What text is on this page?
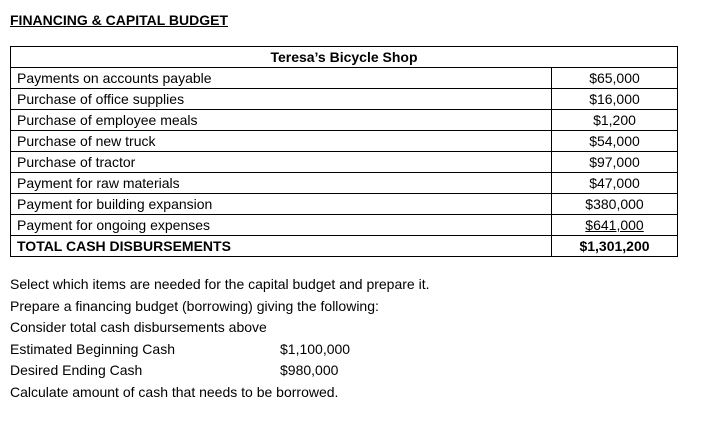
FINANCING & CAPITAL BUDGET
Teresa’s Bicycle Shop	
Payments on accounts payable	$65,000
Purchase of office supplies	$16,000
Purchase of employee meals	$1,200
Purchase of new truck	$54,000
Purchase of tractor	$97,000
Payment for raw materials	$47,000
Payment for building expansion	$380,000
Payment for ongoing expenses	$641,000
TOTAL CASH DISBURSEMENTS	$1,301,200
Select which items are needed for the capital budget and prepare it.
Prepare a financing budget (borrowing) giving the following:
Consider total cash disbursements above
Estimated Beginning Cash	$1,100,000
Desired Ending Cash	$980,000
Calculate amount of cash that needs to be borrowed.
